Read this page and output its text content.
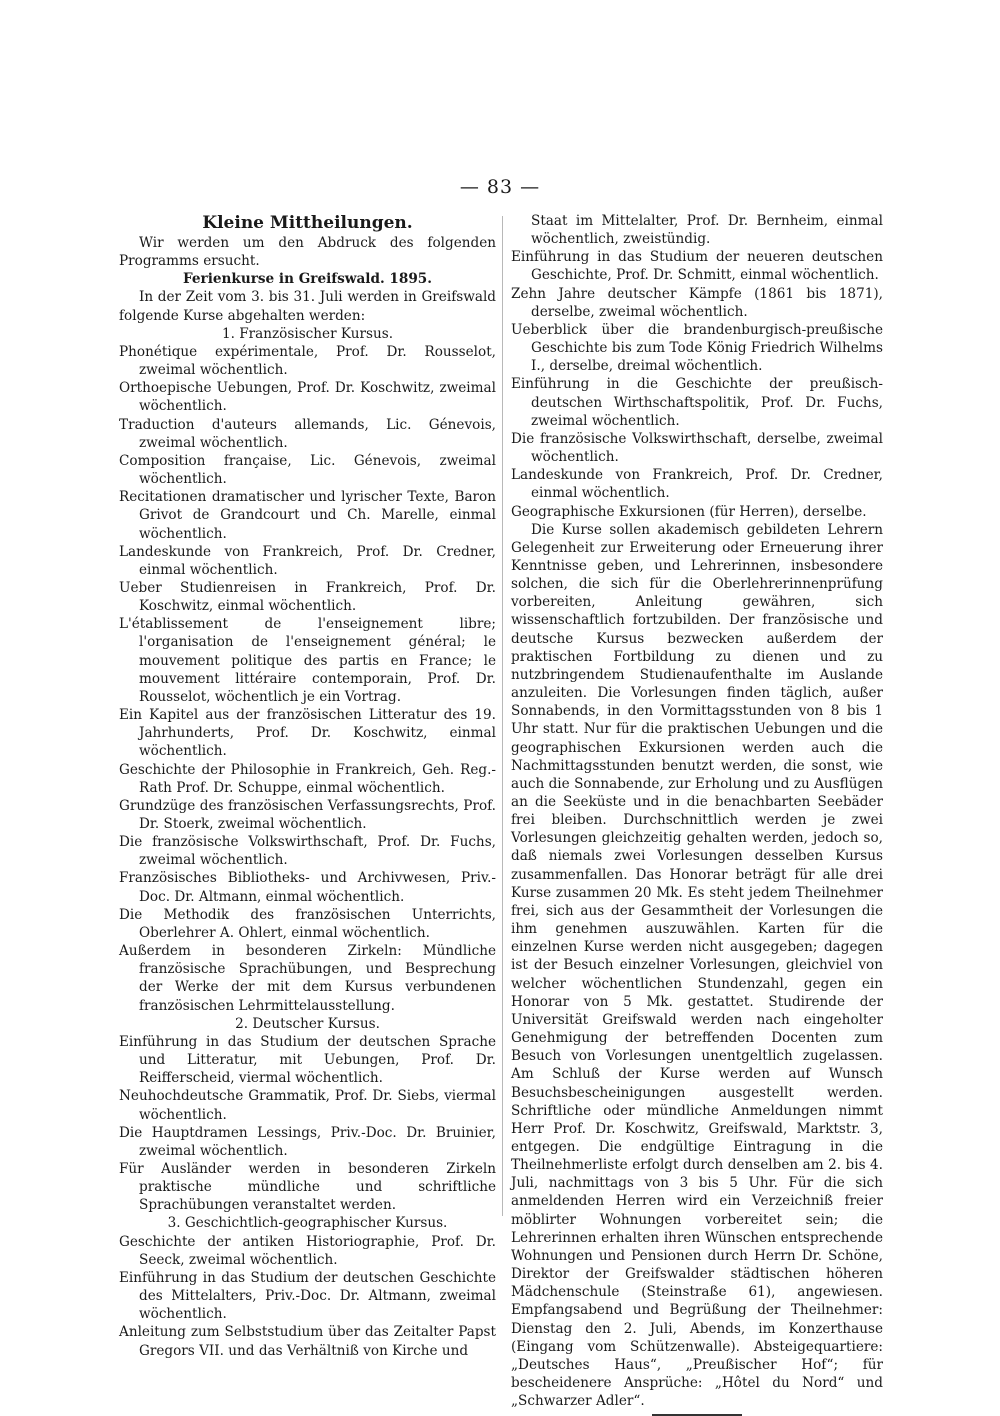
— 83 —

Kleine Mittheilungen.

Wir werden um den Abdruck des folgenden Programms ersucht.

Ferienkurse in Greifswald. 1895.

In der Zeit vom 3. bis 31. Juli werden in Greifswald folgende Kurse abgehalten werden:

1. Französischer Kursus.

Phonétique expérimentale, Prof. Dr. Rousselot, zweimal wöchentlich.

Orthoepische Uebungen, Prof. Dr. Koschwitz, zweimal wöchentlich.

Traduction d'auteurs allemands, Lic. Génevois, zweimal wöchentlich.

Composition française, Lic. Génevois, zweimal wöchentlich.

Recitationen dramatischer und lyrischer Texte, Baron Grivot de Grandcourt und Ch. Marelle, einmal wöchentlich.

Landeskunde von Frankreich, Prof. Dr. Credner, einmal wöchentlich.

Ueber Studienreisen in Frankreich, Prof. Dr. Koschwitz, einmal wöchentlich.

L'établissement de l'enseignement libre; l'organisation de l'enseignement général; le mouvement politique des partis en France; le mouvement littéraire contemporain, Prof. Dr. Rousselot, wöchentlich je ein Vortrag.

Ein Kapitel aus der französischen Litteratur des 19. Jahrhunderts, Prof. Dr. Koschwitz, einmal wöchentlich.

Geschichte der Philosophie in Frankreich, Geh. Reg.-Rath Prof. Dr. Schuppe, einmal wöchentlich.

Grundzüge des französischen Verfassungsrechts, Prof. Dr. Stoerk, zweimal wöchentlich.

Die französische Volkswirthschaft, Prof. Dr. Fuchs, zweimal wöchentlich.

Französisches Bibliotheks- und Archivwesen, Priv.-Doc. Dr. Altmann, einmal wöchentlich.

Die Methodik des französischen Unterrichts, Oberlehrer A. Ohlert, einmal wöchentlich.

Außerdem in besonderen Zirkeln: Mündliche französische Sprachübungen, und Besprechung der Werke der mit dem Kursus verbundenen französischen Lehrmittelausstellung.

2. Deutscher Kursus.

Einführung in das Studium der deutschen Sprache und Litteratur, mit Uebungen, Prof. Dr. Reifferscheid, viermal wöchentlich.

Neuhochdeutsche Grammatik, Prof. Dr. Siebs, viermal wöchentlich.

Die Hauptdramen Lessings, Priv.-Doc. Dr. Bruinier, zweimal wöchentlich.

Für Ausländer werden in besonderen Zirkeln praktische mündliche und schriftliche Sprachübungen veranstaltet werden.

3. Geschichtlich-geographischer Kursus.

Geschichte der antiken Historiographie, Prof. Dr. Seeck, zweimal wöchentlich.

Einführung in das Studium der deutschen Geschichte des Mittelalters, Priv.-Doc. Dr. Altmann, zweimal wöchentlich.

Anleitung zum Selbststudium über das Zeitalter Papst Gregors VII. und das Verhältniß von Kirche und

Staat im Mittelalter, Prof. Dr. Bernheim, einmal wöchentlich, zweistündig.

Einführung in das Studium der neueren deutschen Geschichte, Prof. Dr. Schmitt, einmal wöchentlich.

Zehn Jahre deutscher Kämpfe (1861 bis 1871), derselbe, zweimal wöchentlich.

Ueberblick über die brandenburgisch-preußische Geschichte bis zum Tode König Friedrich Wilhelms I., derselbe, dreimal wöchentlich.

Einführung in die Geschichte der preußisch-deutschen Wirthschaftspolitik, Prof. Dr. Fuchs, zweimal wöchentlich.

Die französische Volkswirthschaft, derselbe, zweimal wöchentlich.

Landeskunde von Frankreich, Prof. Dr. Credner, einmal wöchentlich.

Geographische Exkursionen (für Herren), derselbe.

Die Kurse sollen akademisch gebildeten Lehrern Gelegenheit zur Erweiterung oder Erneuerung ihrer Kenntnisse geben, und Lehrerinnen, insbesondere solchen, die sich für die Oberlehrerinnenprüfung vorbereiten, Anleitung gewähren, sich wissenschaftlich fortzubilden. Der französische und deutsche Kursus bezwecken außerdem der praktischen Fortbildung zu dienen und zu nutzbringendem Studienaufenthalte im Auslande anzuleiten. Die Vorlesungen finden täglich, außer Sonnabends, in den Vormittagsstunden von 8 bis 1 Uhr statt. Nur für die praktischen Uebungen und die geographischen Exkursionen werden auch die Nachmittagsstunden benutzt werden, die sonst, wie auch die Sonnabende, zur Erholung und zu Ausflügen an die Seeküste und in die benachbarten Seebäder frei bleiben. Durchschnittlich werden je zwei Vorlesungen gleichzeitig gehalten werden, jedoch so, daß niemals zwei Vorlesungen desselben Kursus zusammenfallen. Das Honorar beträgt für alle drei Kurse zusammen 20 Mk. Es steht jedem Theilnehmer frei, sich aus der Gesammtheit der Vorlesungen die ihm genehmen auszuwählen. Karten für die einzelnen Kurse werden nicht ausgegeben; dagegen ist der Besuch einzelner Vorlesungen, gleichviel von welcher wöchentlichen Stundenzahl, gegen ein Honorar von 5 Mk. gestattet. Studirende der Universität Greifswald werden nach eingeholter Genehmigung der betreffenden Docenten zum Besuch von Vorlesungen unentgeltlich zugelassen. Am Schluß der Kurse werden auf Wunsch Besuchsbescheinigungen ausgestellt werden. Schriftliche oder mündliche Anmeldungen nimmt Herr Prof. Dr. Koschwitz, Greifswald, Marktstr. 3, entgegen. Die endgültige Eintragung in die Theilnehmerliste erfolgt durch denselben am 2. bis 4. Juli, nachmittags von 3 bis 5 Uhr. Für die sich anmeldenden Herren wird ein Verzeichniß freier möblirter Wohnungen vorbereitet sein; die Lehrerinnen erhalten ihren Wünschen entsprechende Wohnungen und Pensionen durch Herrn Dr. Schöne, Direktor der Greifswalder städtischen höheren Mädchenschule (Steinstraße 61), angewiesen. Empfangsabend und Begrüßung der Theilnehmer: Dienstag den 2. Juli, Abends, im Konzerthause (Eingang vom Schützenwalle). Absteigequartiere: „Deutsches Haus“, „Preußischer Hof“; für bescheidenere Ansprüche: „Hôtel du Nord“ und „Schwarzer Adler“.
